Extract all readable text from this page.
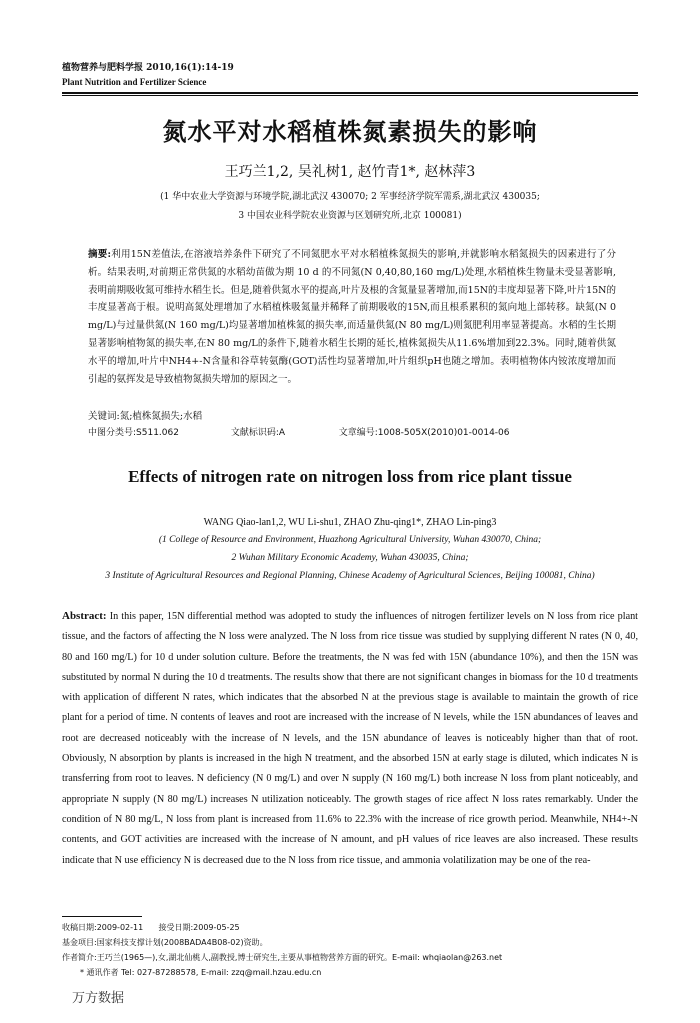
植物营养与肥料学报 2010,16(1):14-19
Plant Nutrition and Fertilizer Science
氮水平对水稻植株氮素损失的影响
王巧兰1,2, 吴礼树1, 赵竹青1*, 赵林萍3
(1 华中农业大学资源与环境学院,湖北武汉 430070; 2 军事经济学院军需系,湖北武汉 430035;
3 中国农业科学院农业资源与区划研究所,北京 100081)
摘要:利用15N差值法,在溶液培养条件下研究了不同氮肥水平对水稻植株氮损失的影响,并就影响水稻氮损失的因素进行了分析。结果表明,对前期正常供氮的水稻幼苗做为期 10 d 的不同氮(N 0,40,80,160 mg/L)处理,水稻植株生物量未受显著影响,表明前期吸收氮可维持水稻生长。但是,随着供氮水平的提高,叶片及根的含氮量显著增加,而15N的丰度却显著下降,叶片15N的丰度显著高于根。说明高氮处理增加了水稻植株吸氮量并稀释了前期吸收的15N,而且根系累积的氮向地上部转移。缺氮(N 0 mg/L)与过量供氮(N 160 mg/L)均显著增加植株氮的损失率,而适量供氮(N 80 mg/L)则氮肥利用率显著提高。水稻的生长期显著影响植物氮的损失率,在N 80 mg/L的条件下,随着水稻生长期的延长,植株氮损失从11.6%增加到22.3%。同时,随着供氮水平的增加,叶片中NH4+-N含量和谷草转氨酶(GOT)活性均显著增加,叶片组织pH也随之增加。表明植物体内铵浓度增加而引起的氨挥发是导致植物氮损失增加的原因之一。
关键词:氮;植株氮损失;水稻
中图分类号:S511.062	文献标识码:A	文章编号:1008-505X(2010)01-0014-06
Effects of nitrogen rate on nitrogen loss from rice plant tissue
WANG Qiao-lan1,2, WU Li-shu1, ZHAO Zhu-qing1*, ZHAO Lin-ping3
(1 College of Resource and Environment, Huazhong Agricultural University, Wuhan 430070, China;
2 Wuhan Military Economic Academy, Wuhan 430035, China;
3 Institute of Agricultural Resources and Regional Planning, Chinese Academy of Agricultural Sciences, Beijing 100081, China)
Abstract: In this paper, 15N differential method was adopted to study the influences of nitrogen fertilizer levels on N loss from rice plant tissue, and the factors of affecting the N loss were analyzed. The N loss from rice tissue was studied by supplying different N rates (N 0, 40, 80 and 160 mg/L) for 10 d under solution culture. Before the treatments, the N was fed with 15N (abundance 10%), and then the 15N was substituted by normal N during the 10 d treatments. The results show that there are not significant changes in biomass for the 10 d treatments with application of different N rates, which indicates that the absorbed N at the previous stage is available to maintain the growth of rice plant for a period of time. N contents of leaves and root are increased with the increase of N levels, while the 15N abundances of leaves and root are decreased noticeably with the increase of N levels, and the 15N abundance of leaves is noticeably higher than that of root. Obviously, N absorption by plants is increased in the high N treatment, and the absorbed 15N at early stage is diluted, which indicates N is transferring from root to leaves. N deficiency (N 0 mg/L) and over N supply (N 160 mg/L) both increase N loss from plant noticeably, and appropriate N supply (N 80 mg/L) increases N utilization noticeably. The growth stages of rice affect N loss rates remarkably. Under the condition of N 80 mg/L, N loss from plant is increased from 11.6% to 22.3% with the increase of rice growth period. Meanwhile, NH4+-N contents, and GOT activities are increased with the increase of N amount, and pH values of rice leaves are also increased. These results indicate that N use efficiency N is decreased due to the N loss from rice tissue, and ammonia volatilization may be one of the rea-
收稿日期:2009-02-11 接受日期:2009-05-25
基金项目:国家科技支撑计划(2008BADA4B08-02)资助。
作者简介:王巧兰(1965—),女,湖北仙桃人,副教授,博士研究生,主要从事植物营养方面的研究。E-mail: whqiaolan@263.net
* 通讯作者 Tel: 027-87288578, E-mail: zzq@mail.hzau.edu.cn
万方数据
